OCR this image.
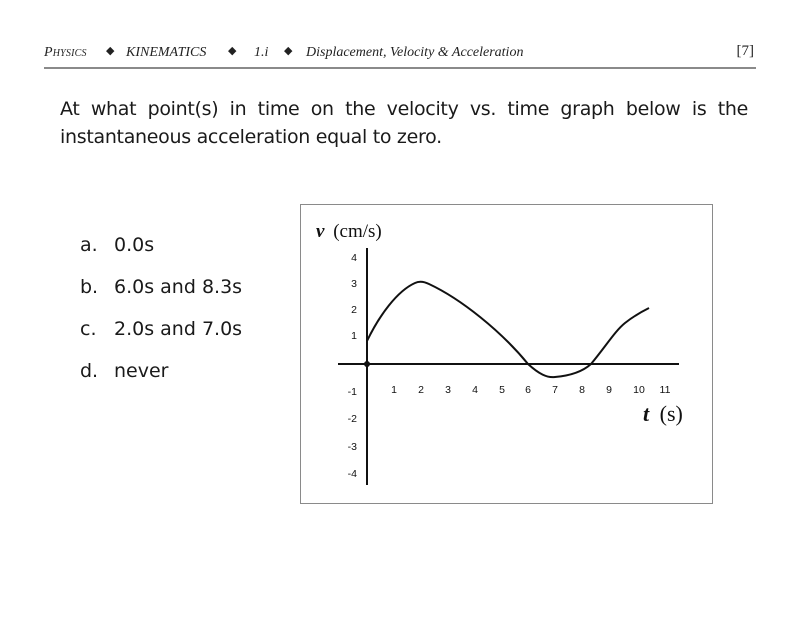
Physics ◆ KINEMATICS ◆ 1.i ◆ Displacement, Velocity & Acceleration	[7]
At what point(s) in time on the velocity vs. time graph below is the instantaneous acceleration equal to zero.
a. 0.0s
b. 6.0s and 8.3s
c. 2.0s and 7.0s
d. never
v (cm/s)
t (s)
4
3
2
1
-1
-2
-3
-4
1 2 3 4 5 6 7 8 9 10 11
